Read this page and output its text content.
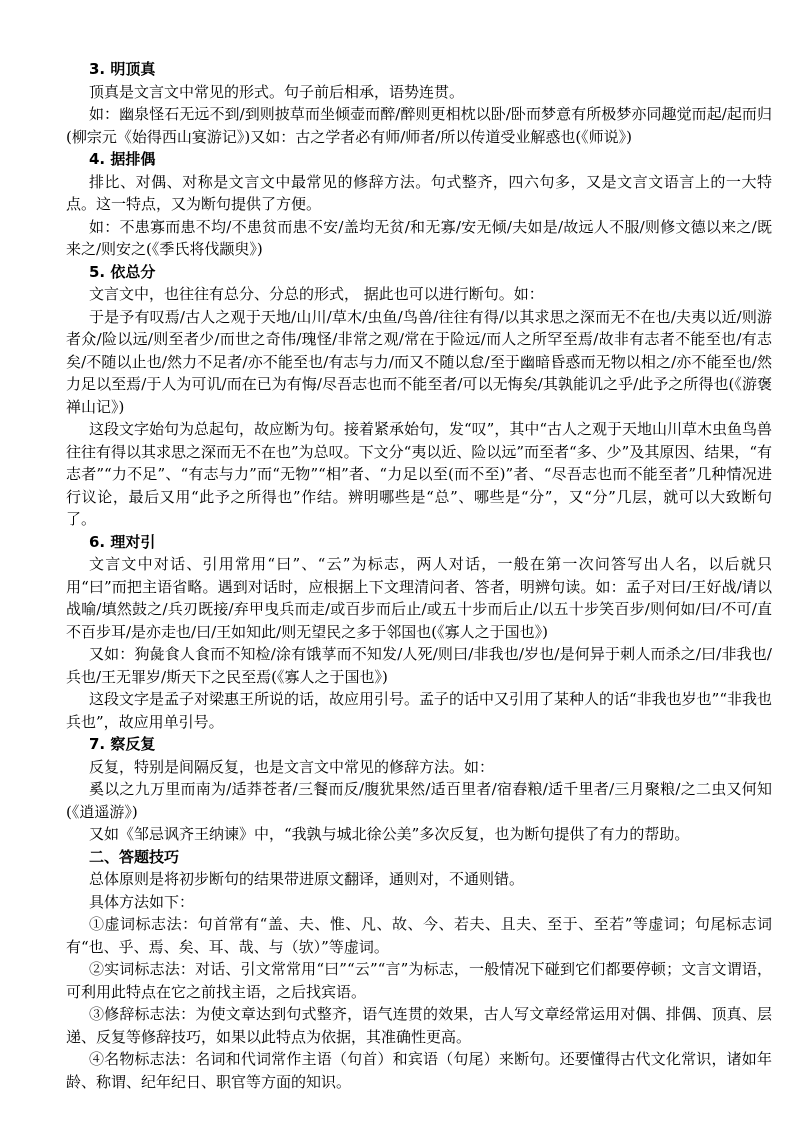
3. 明顶真

顶真是文言文中常见的形式。句子前后相承，语势连贯。

如：幽泉怪石无远不到/到则披草而坐倾壶而醉/醉则更相枕以卧/卧而梦意有所极梦亦同趣觉而起/起而归(柳宗元《始得西山宴游记》)又如：古之学者必有师/师者/所以传道受业解惑也(《师说》)

4. 据排偶

排比、对偶、对称是文言文中最常见的修辞方法。句式整齐，四六句多，又是文言文语言上的一大特点。这一特点，又为断句提供了方便。

如：不患寡而患不均/不患贫而患不安/盖均无贫/和无寡/安无倾/夫如是/故远人不服/则修文德以来之/既来之/则安之(《季氏将伐颛臾》)

5. 依总分

文言文中，也往往有总分、分总的形式， 据此也可以进行断句。如：

于是予有叹焉/古人之观于天地/山川/草木/虫鱼/鸟兽/往往有得/以其求思之深而无不在也/夫夷以近/则游者众/险以远/则至者少/而世之奇伟/瑰怪/非常之观/常在于险远/而人之所罕至焉/故非有志者不能至也/有志矣/不随以止也/然力不足者/亦不能至也/有志与力/而又不随以怠/至于幽暗昏惑而无物以相之/亦不能至也/然力足以至焉/于人为可讥/而在已为有悔/尽吾志也而不能至者/可以无悔矣/其孰能讥之乎/此予之所得也(《游褒禅山记》)

这段文字始句为总起句，故应断为句。接着紧承始句，发“叹”，其中“古人之观于天地山川草木虫鱼鸟兽往往有得以其求思之深而无不在也”为总叹。下文分“夷以近、险以远”而至者“多、少”及其原因、结果，“有志者”“力不足”、“有志与力”而“无物”“相”者、“力足以至(而不至)”者、“尽吾志也而不能至者”几种情况进行议论，最后又用“此予之所得也”作结。辨明哪些是“总”、哪些是“分”，又“分”几层，就可以大致断句了。

6. 理对引

文言文中对话、引用常用“曰”、“云”为标志，两人对话，一般在第一次问答写出人名，以后就只用“曰”而把主语省略。遇到对话时，应根据上下文理清问者、答者，明辨句读。如：孟子对曰/王好战/请以战喻/填然鼓之/兵刃既接/弃甲曳兵而走/或百步而后止/或五十步而后止/以五十步笑百步/则何如/曰/不可/直不百步耳/是亦走也/曰/王如知此/则无望民之多于邻国也(《寡人之于国也》)

又如：狗彘食人食而不知检/涂有饿莩而不知发/人死/则曰/非我也/岁也/是何异于刺人而杀之/曰/非我也/兵也/王无罪岁/斯天下之民至焉(《寡人之于国也》)

这段文字是孟子对梁惠王所说的话，故应用引号。孟子的话中又引用了某种人的话“非我也岁也”“非我也兵也”，故应用单引号。

7. 察反复

反复，特别是间隔反复，也是文言文中常见的修辞方法。如：

奚以之九万里而南为/适莽苍者/三餐而反/腹犹果然/适百里者/宿舂粮/适千里者/三月聚粮/之二虫又何知(《逍遥游》)

又如《邹忌讽齐王纳谏》中，“我孰与城北徐公美”多次反复，也为断句提供了有力的帮助。

二、答题技巧

总体原则是将初步断句的结果带进原文翻译，通则对，不通则错。

具体方法如下：

①虚词标志法：句首常有“盖、夫、惟、凡、故、今、若夫、且夫、至于、至若”等虚词；句尾标志词有“也、乎、焉、矣、耳、哉、与（欤）”等虚词。

②实词标志法：对话、引文常常用“曰”“云”“言”为标志，一般情况下碰到它们都要停顿；文言文谓语，可利用此特点在它之前找主语，之后找宾语。

③修辞标志法：为使文章达到句式整齐，语气连贯的效果，古人写文章经常运用对偶、排偶、顶真、层递、反复等修辞技巧，如果以此特点为依据，其准确性更高。

④名物标志法：名词和代词常作主语（句首）和宾语（句尾）来断句。还要懂得古代文化常识，诸如年龄、称谓、纪年纪日、职官等方面的知识。
